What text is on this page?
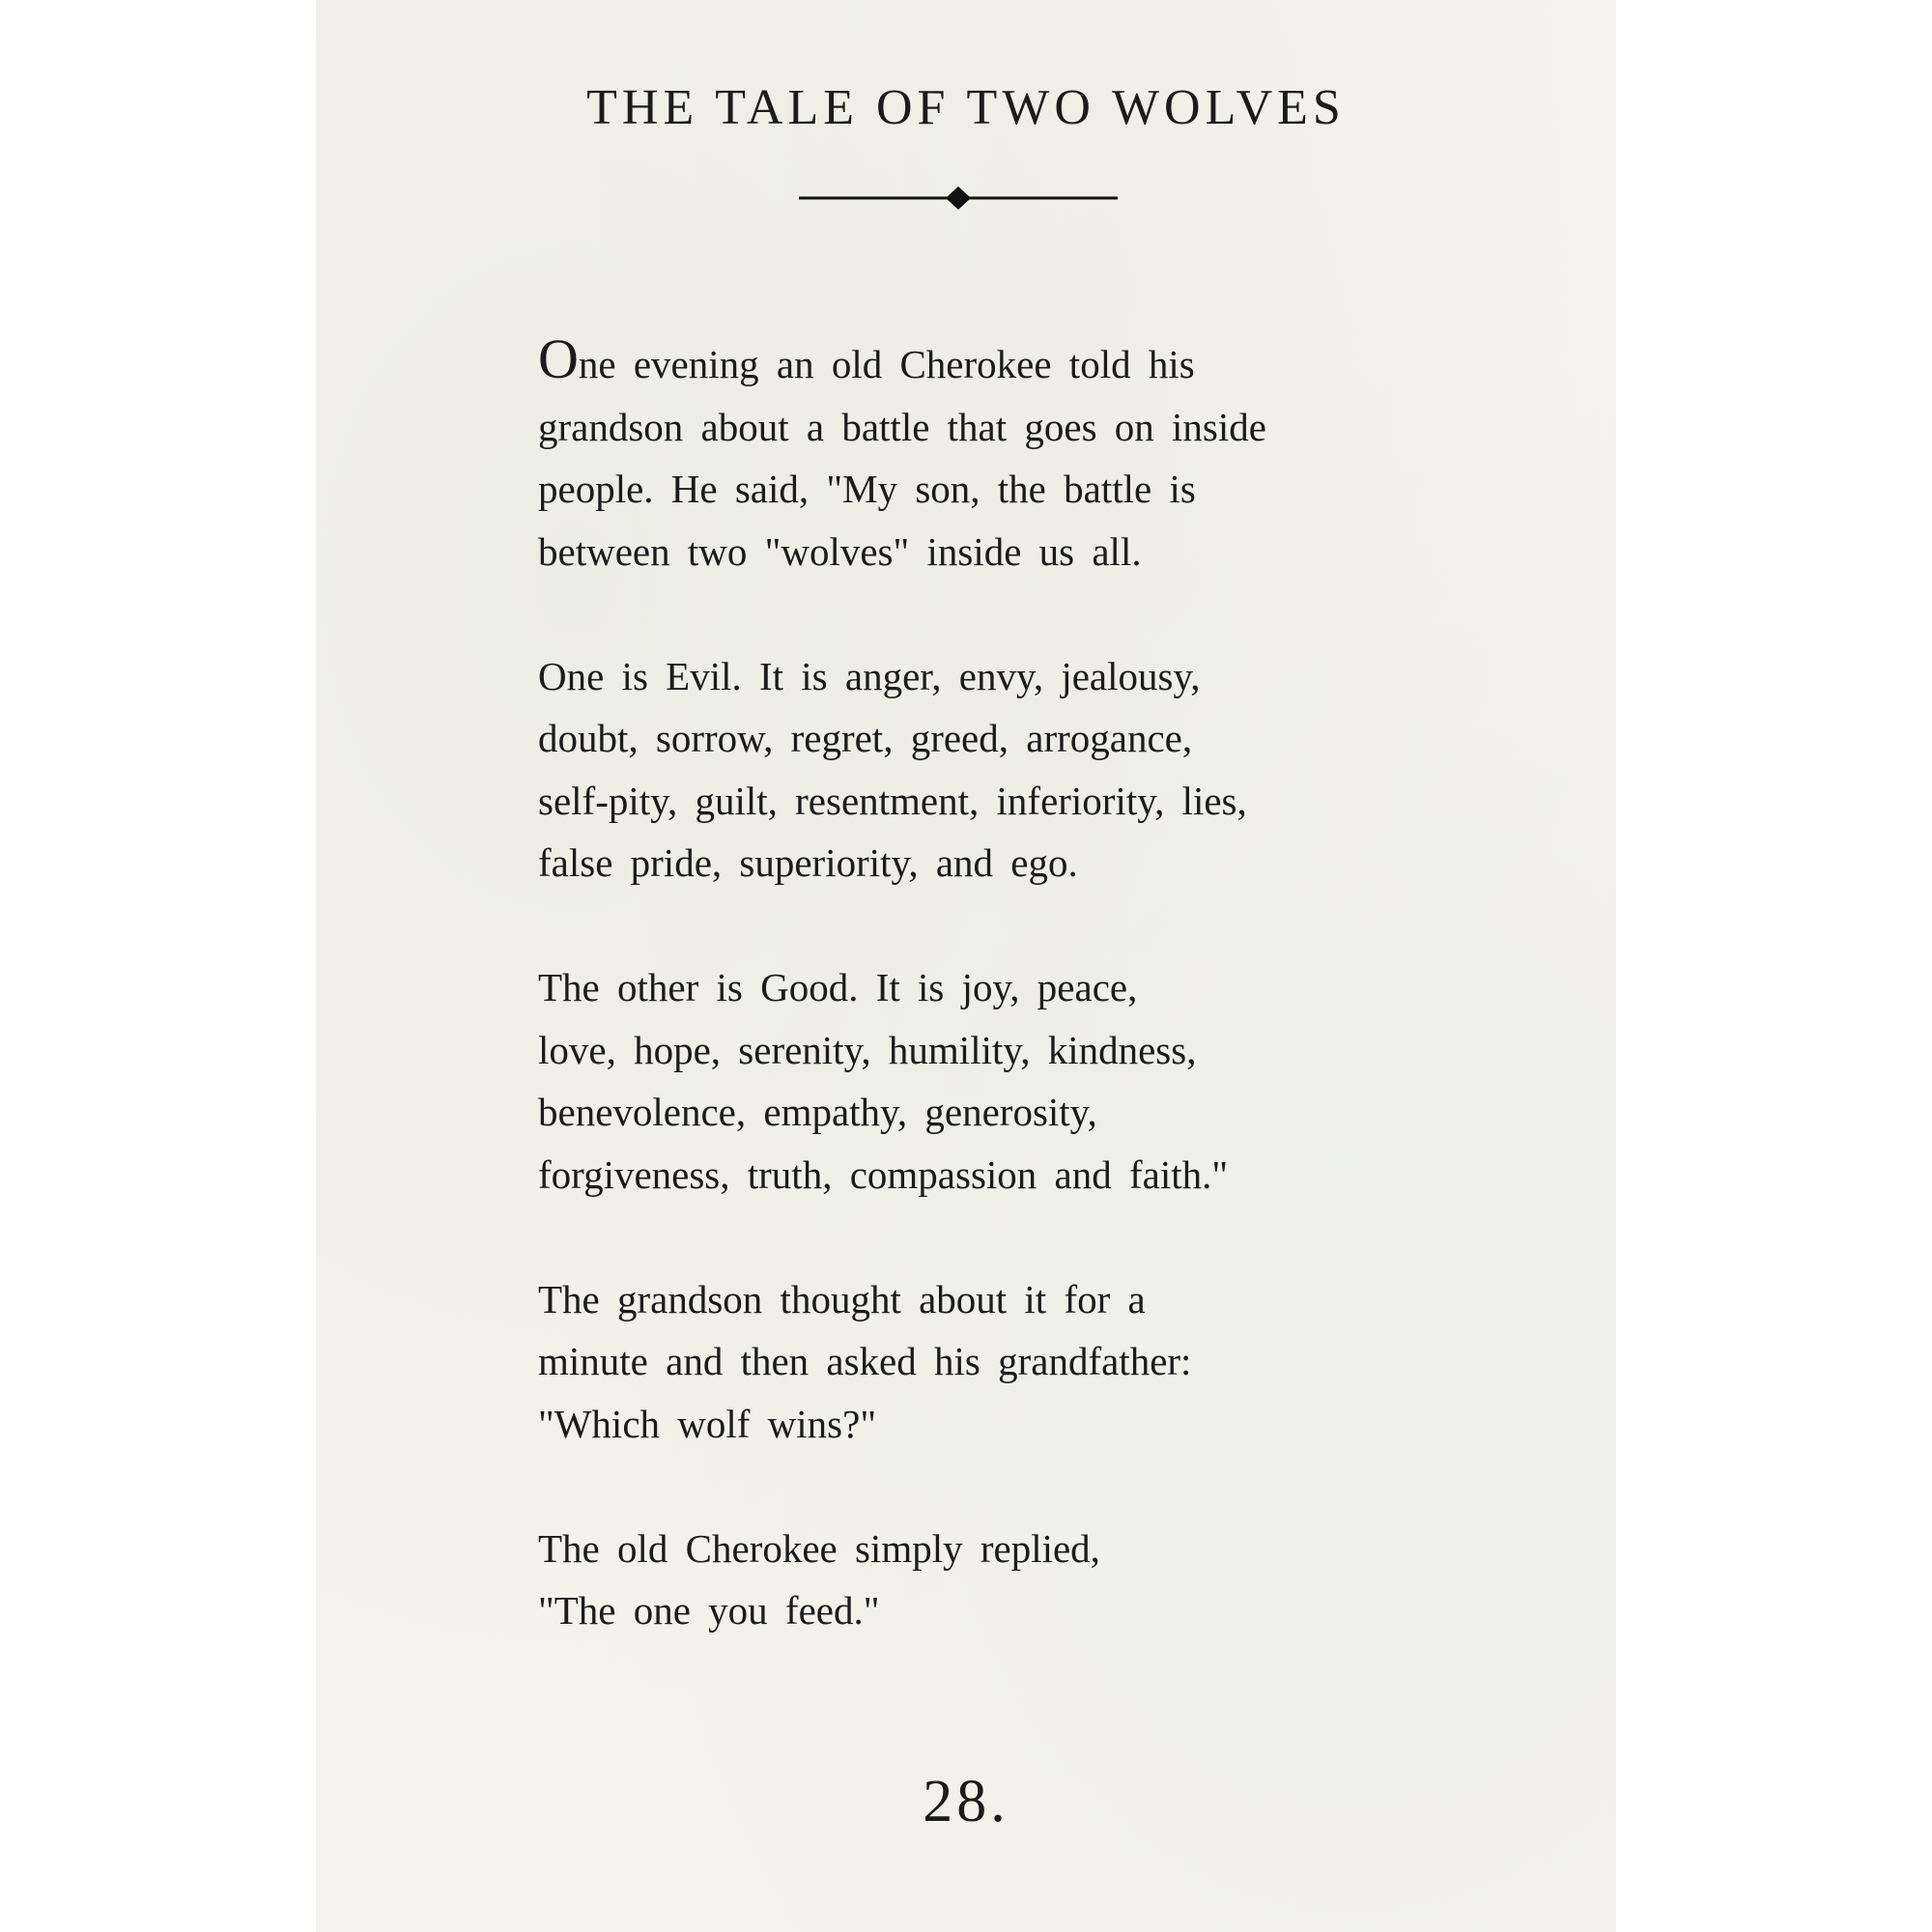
THE TALE OF TWO WOLVES

One evening an old Cherokee told his
grandson about a battle that goes on inside
people. He said, "My son, the battle is
between two "wolves" inside us all.

One is Evil. It is anger, envy, jealousy,
doubt, sorrow, regret, greed, arrogance,
self-pity, guilt, resentment, inferiority, lies,
false pride, superiority, and ego.

The other is Good. It is joy, peace,
love, hope, serenity, humility, kindness,
benevolence, empathy, generosity,
forgiveness, truth, compassion and faith."

The grandson thought about it for a
minute and then asked his grandfather:
"Which wolf wins?"

The old Cherokee simply replied,
"The one you feed."

28.
